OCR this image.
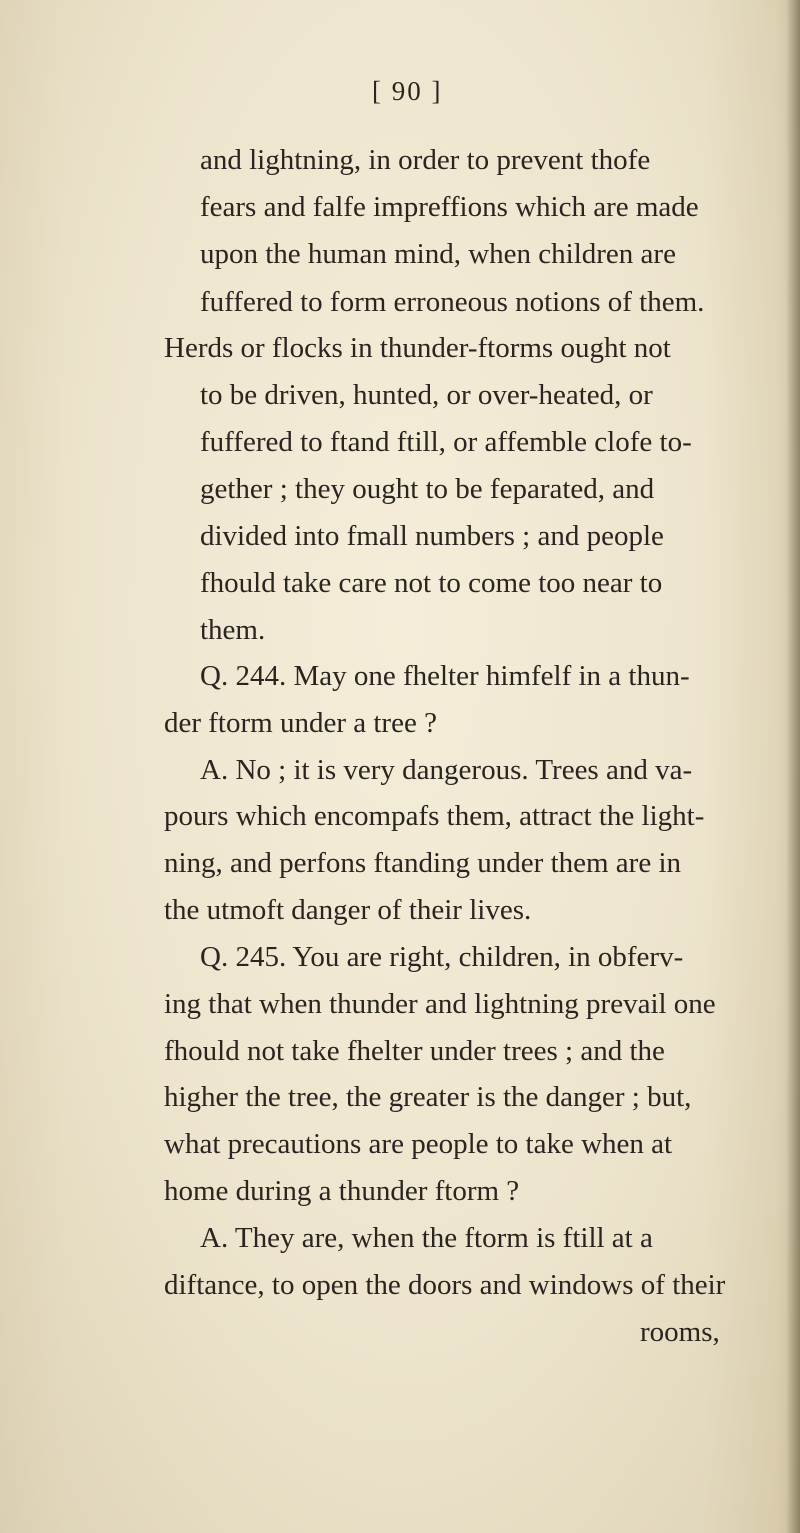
[ 90 ]
and lightning, in order to prevent thofe
fears and falfe impreffions which are made
upon the human mind, when children are
fuffered to form erroneous notions of them.
Herds or flocks in thunder-ftorms ought not
to be driven, hunted, or over-heated, or
fuffered to ftand ftill, or affemble clofe to-
gether ; they ought to be feparated, and
divided into fmall numbers ; and people
fhould take care not to come too near to
them.
Q. 244. May one fhelter himfelf in a thun-
der ftorm under a tree ?
A. No ; it is very dangerous. Trees and va-
pours which encompafs them, attract the light-
ning, and perfons ftanding under them are in
the utmoft danger of their lives.
Q. 245. You are right, children, in obferv-
ing that when thunder and lightning prevail one
fhould not take fhelter under trees ; and the
higher the tree, the greater is the danger ; but,
what precautions are people to take when at
home during a thunder ftorm ?
A. They are, when the ftorm is ftill at a
diftance, to open the doors and windows of their
rooms,
